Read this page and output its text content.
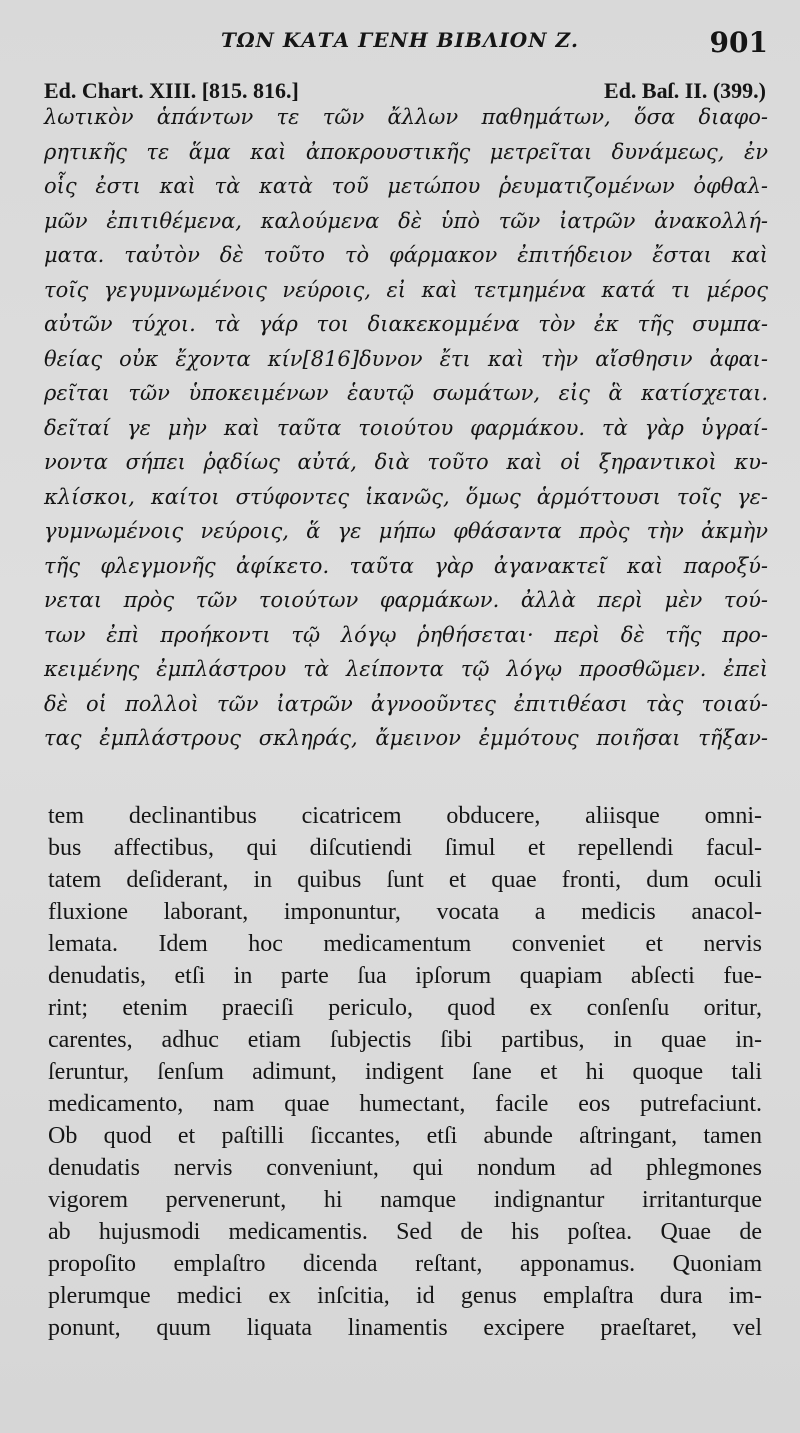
ΤΩΝ ΚΑΤΑ ΓΕΝΗ ΒΙΒΛΙΟΝ Ζ.	901
Ed. Chart. XIII. [815. 816.]	Ed. Baſ. II. (399.)
λωτικὸν ἁπάντων τε τῶν ἄλλων παθημάτων, ὅσα διαφο-
ρητικῆς τε ἅμα καὶ ἀποκρουστικῆς μετρεῖται δυνάμεως, ἐν
οἷς ἐστι καὶ τὰ κατὰ τοῦ μετώπου ῥευματιζομένων ὀφθαλ-
μῶν ἐπιτιθέμενα, καλούμενα δὲ ὑπὸ τῶν ἰατρῶν ἀνακολλή-
ματα. ταὐτὸν δὲ τοῦτο τὸ φάρμακον ἐπιτήδειον ἔσται καὶ
τοῖς γεγυμνωμένοις νεύροις, εἰ καὶ τετμημένα κατά τι μέρος
αὐτῶν τύχοι. τὰ γάρ τοι διακεκομμένα τὸν ἐκ τῆς συμπα-
θείας οὐκ ἔχοντα κίν[816]δυνον ἔτι καὶ τὴν αἴσθησιν ἀφαι-
ρεῖται τῶν ὑποκειμένων ἑαυτῷ σωμάτων, εἰς ἃ κατίσχεται.
δεῖταί γε μὴν καὶ ταῦτα τοιούτου φαρμάκου. τὰ γὰρ ὑγραί-
νοντα σήπει ῥᾳδίως αὐτά, διὰ τοῦτο καὶ οἱ ξηραντικοὶ κυ-
κλίσκοι, καίτοι στύφοντες ἱκανῶς, ὅμως ἁρμόττουσι τοῖς γε-
γυμνωμένοις νεύροις, ἅ γε μήπω φθάσαντα πρὸς τὴν ἀκμὴν
τῆς φλεγμονῆς ἀφίκετο. ταῦτα γὰρ ἀγανακτεῖ καὶ παροξύ-
νεται πρὸς τῶν τοιούτων φαρμάκων. ἀλλὰ περὶ μὲν τού-
των ἐπὶ προήκοντι τῷ λόγῳ ῥηθήσεται· περὶ δὲ τῆς προ-
κειμένης ἐμπλάστρου τὰ λείποντα τῷ λόγῳ προσθῶμεν. ἐπεὶ
δὲ οἱ πολλοὶ τῶν ἰατρῶν ἀγνοοῦντες ἐπιτιθέασι τὰς τοιαύ-
τας ἐμπλάστρους σκληράς, ἄμεινον ἐμμότους ποιῆσαι τῆξαν-
tem declinantibus cicatricem obducere, aliisque omni-
bus affectibus, qui diſcutiendi ſimul et repellendi facul-
tatem deſiderant, in quibus ſunt et quae fronti, dum oculi
fluxione laborant, imponuntur, vocata a medicis anacol-
lemata. Idem hoc medicamentum conveniet et nervis
denudatis, etſi in parte ſua ipſorum quapiam abſecti fue-
rint; etenim praeciſi periculo, quod ex conſenſu oritur,
carentes, adhuc etiam ſubjectis ſibi partibus, in quae in-
ſeruntur, ſenſum adimunt, indigent ſane et hi quoque tali
medicamento, nam quae humectant, facile eos putrefaciunt.
Ob quod et paſtilli ſiccantes, etſi abunde aſtringant, tamen
denudatis nervis conveniunt, qui nondum ad phlegmones
vigorem pervenerunt, hi namque indignantur irritanturque
ab hujusmodi medicamentis. Sed de his poſtea. Quae de
propoſito emplaſtro dicenda reſtant, apponamus. Quoniam
plerumque medici ex inſcitia, id genus emplaſtra dura im-
ponunt, quum liquata linamentis excipere praeſtaret, vel
